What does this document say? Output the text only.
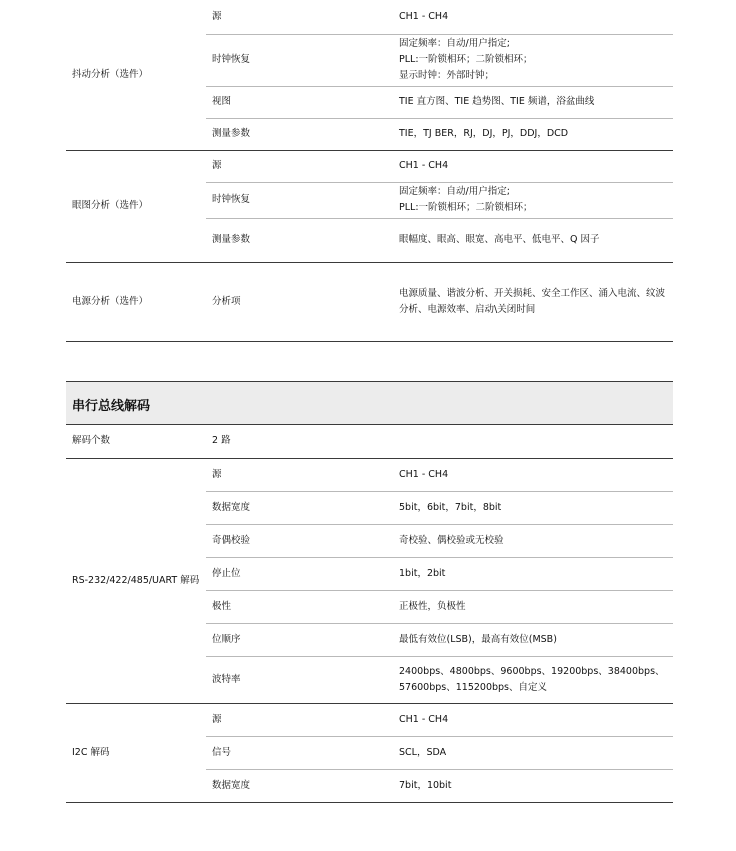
抖动分析（选件）	源	CH1 - CH4
	时钟恢复	固定频率：自动/用户指定;
PLL:一阶锁相环；二阶锁相环；
显示时钟：外部时钟；

	视图	TIE 直方图、TIE 趋势图、TIE 频谱，浴盆曲线
	测量参数	TIE，TJ BER，RJ，DJ，PJ，DDJ，DCD
眼图分析（选件）	源	CH1 - CH4
	时钟恢复	固定频率：自动/用户指定;
PLL:一阶锁相环；二阶锁相环；

	测量参数	眼幅度、眼高、眼宽、高电平、低电平、Q 因子
电源分析（选件）	分析项	电源质量、谐波分析、开关损耗、安全工作区、涌入电流、纹波
分析、电源效率、启动\关闭时间
串行总线解码
解码个数	2 路	
RS-232/422/485/UART 解码	源	CH1 - CH4
	数据宽度	5bit，6bit，7bit，8bit
	奇偶校验	奇校验、偶校验或无校验
	停止位	1bit，2bit
	极性	正极性，负极性
	位顺序	最低有效位(LSB)，最高有效位(MSB)
	波特率	2400bps、4800bps、9600bps、19200bps、38400bps、
57600bps、115200bps、自定义

I2C 解码	源	CH1 - CH4
	信号	SCL，SDA
	数据宽度	7bit，10bit
